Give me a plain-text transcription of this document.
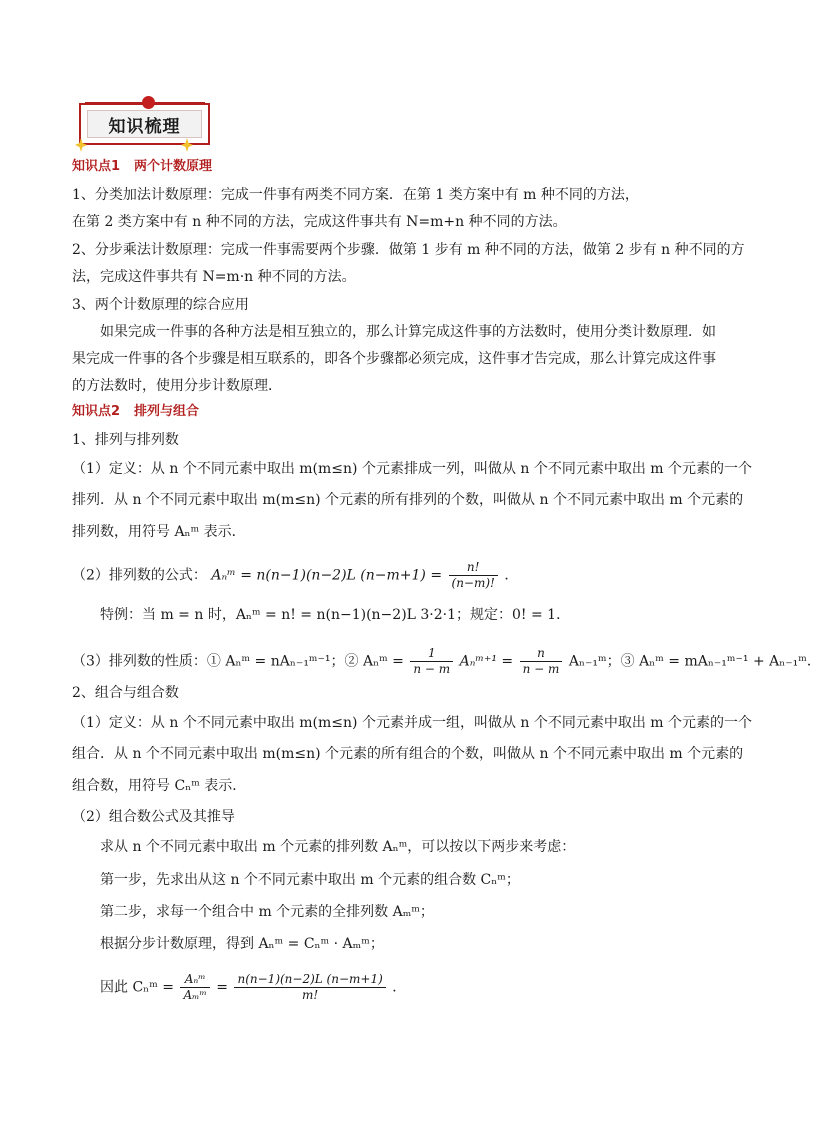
知识梳理
知识点1 两个计数原理
1、分类加法计数原理：完成一件事有两类不同方案．在第 1 类方案中有 m 种不同的方法，
在第 2 类方案中有 n 种不同的方法，完成这件事共有 N=m+n 种不同的方法。
2、分步乘法计数原理：完成一件事需要两个步骤．做第 1 步有 m 种不同的方法，做第 2 步有 n 种不同的方
法，完成这件事共有 N=m·n 种不同的方法。
3、两个计数原理的综合应用
如果完成一件事的各种方法是相互独立的，那么计算完成这件事的方法数时，使用分类计数原理．如
果完成一件事的各个步骤是相互联系的，即各个步骤都必须完成，这件事才告完成，那么计算完成这件事
的方法数时，使用分步计数原理．
知识点2 排列与组合
1、排列与排列数
（1）定义：从 n 个不同元素中取出 m(m≤n) 个元素排成一列，叫做从 n 个不同元素中取出 m 个元素的一个
排列．从 n 个不同元素中取出 m(m≤n) 个元素的所有排列的个数，叫做从 n 个不同元素中取出 m 个元素的
排列数，用符号 Aₙᵐ 表示．
（2）排列数的公式： Aₙᵐ = n(n−1)(n−2)L $(n-m+1) = \frac{n!}{(n-m)!}$ ．
特例：当 m = n 时，Aₙᵐ = n! = n(n−1)(n−2)L 3·2·1；规定：0! = 1．
（3）排列数的性质：① Aₙᵐ = nAₙ₋₁ᵐ⁻¹；② Aₙᵐ = $\frac{1}{n - m}$ Aₙᵐ⁺¹ = $\frac{n}{n - m}$ Aₙ₋₁ᵐ；③ Aₙᵐ = mAₙ₋₁ᵐ⁻¹ + Aₙ₋₁ᵐ．
2、组合与组合数
（1）定义：从 n 个不同元素中取出 m(m≤n) 个元素并成一组，叫做从 n 个不同元素中取出 m 个元素的一个
组合．从 n 个不同元素中取出 m(m≤n) 个元素的所有组合的个数，叫做从 n 个不同元素中取出 m 个元素的
组合数，用符号 Cₙᵐ 表示．
（2）组合数公式及其推导
求从 n 个不同元素中取出 m 个元素的排列数 Aₙᵐ，可以按以下两步来考虑：
第一步，先求出从这 n 个不同元素中取出 m 个元素的组合数 Cₙᵐ；
第二步，求每一个组合中 m 个元素的全排列数 Aₘᵐ；
根据分步计数原理，得到 Aₙᵐ = Cₙᵐ · Aₘᵐ；
因此 Cₙᵐ = $\frac{\text{Aₙᵐ}}{\text{Aₘᵐ}} = \frac{n(n-1)(n-2)L (n-m+1)}{m!}$ ．
